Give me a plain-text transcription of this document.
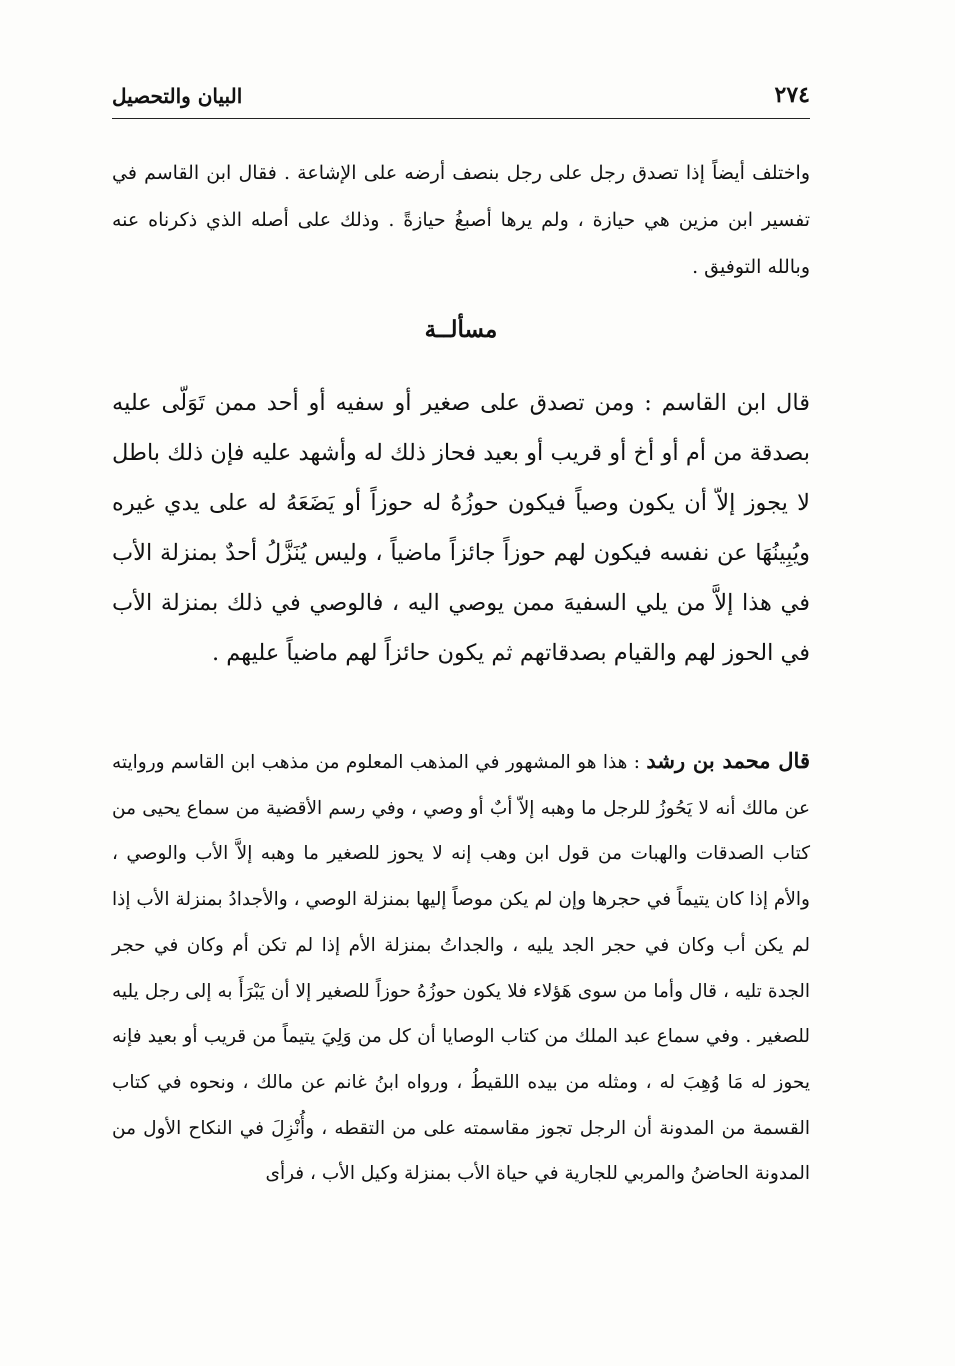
٢٧٤
البيان والتحصيل

واختلف أيضاً إذا تصدق رجل على رجل بنصف أرضه على الإشاعة . فقال ابن القاسم في تفسير ابن مزين هي حيازة ، ولم يرها أصبغُ حيازةً . وذلك على أصله الذي ذكرناه عنه وبالله التوفيق .

مسألــة

قال ابن القاسم : ومن تصدق على صغير أو سفيه أو أحد ممن تَوَلّى عليه بصدقة من أم أو أخ أو قريب أو بعيد فحاز ذلك له وأشهد عليه فإن ذلك باطل لا يجوز إلاّ أن يكون وصياً فيكون حوزُهُ له حوزاً أو يَضَعَهُ له على يدي غيره ويُبِينُهَا عن نفسه فيكون لهم حوزاً جائزاً ماضياً ، وليس يُنَزَّلُ أحدٌ بمنزلة الأب في هذا إلاَّ من يلي السفيهَ ممن يوصي اليه ، فالوصي في ذلك بمنزلة الأب في الحوز لهم والقيام بصدقاتهم ثم يكون حائزاً لهم ماضياً عليهم .

قال محمد بن رشد : هذا هو المشهور في المذهب المعلوم من مذهب ابن القاسم وروايته عن مالك أنه لا يَحُوزُ للرجل ما وهبه إلاّ أبٌ أو وصي ، وفي رسم الأقضية من سماع يحيى من كتاب الصدقات والهبات من قول ابن وهب إنه لا يحوز للصغير ما وهبه إلاَّ الأب والوصي ، والأم إذا كان يتيماً في حجرها وإن لم يكن موصاً إليها بمنزلة الوصي ، والأجدادُ بمنزلة الأب إذا لم يكن أب وكان في حجر الجد يليه ، والجداتُ بمنزلة الأم إذا لم تكن أم وكان في حجر الجدة تليه ، قال وأما من سوى هَؤلاء فلا يكون حوزُهُ حوزاً للصغير إلا أن يَبْرَأَ به إلى رجل يليه للصغير . وفي سماع عبد الملك من كتاب الوصايا أن كل من وَلِيَ يتيماً من قريب أو بعيد فإنه يحوز له مَا وُهِبَ له ، ومثله من بيده اللقيطُ ، ورواه ابنُ غانم عن مالك ، ونحوه في كتاب القسمة من المدونة أن الرجل تجوز مقاسمته على من التقطه ، وأُنْزِلَ في النكاح الأول من المدونة الحاضنُ والمربي للجارية في حياة الأب بمنزلة وكيل الأب ، فرأى
